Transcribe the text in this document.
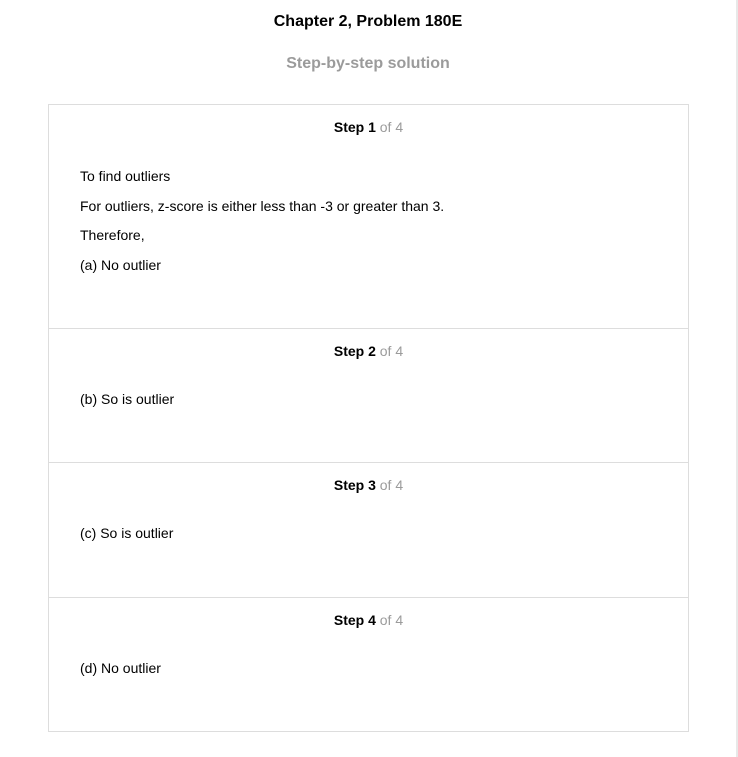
Chapter 2, Problem 180E
Step-by-step solution
Step 1 of 4

To find outliers

For outliers, z-score is either less than -3 or greater than 3.

Therefore,

(a) No outlier

Step 2 of 4

(b) So is outlier

Step 3 of 4

(c) So is outlier

Step 4 of 4

(d) No outlier
